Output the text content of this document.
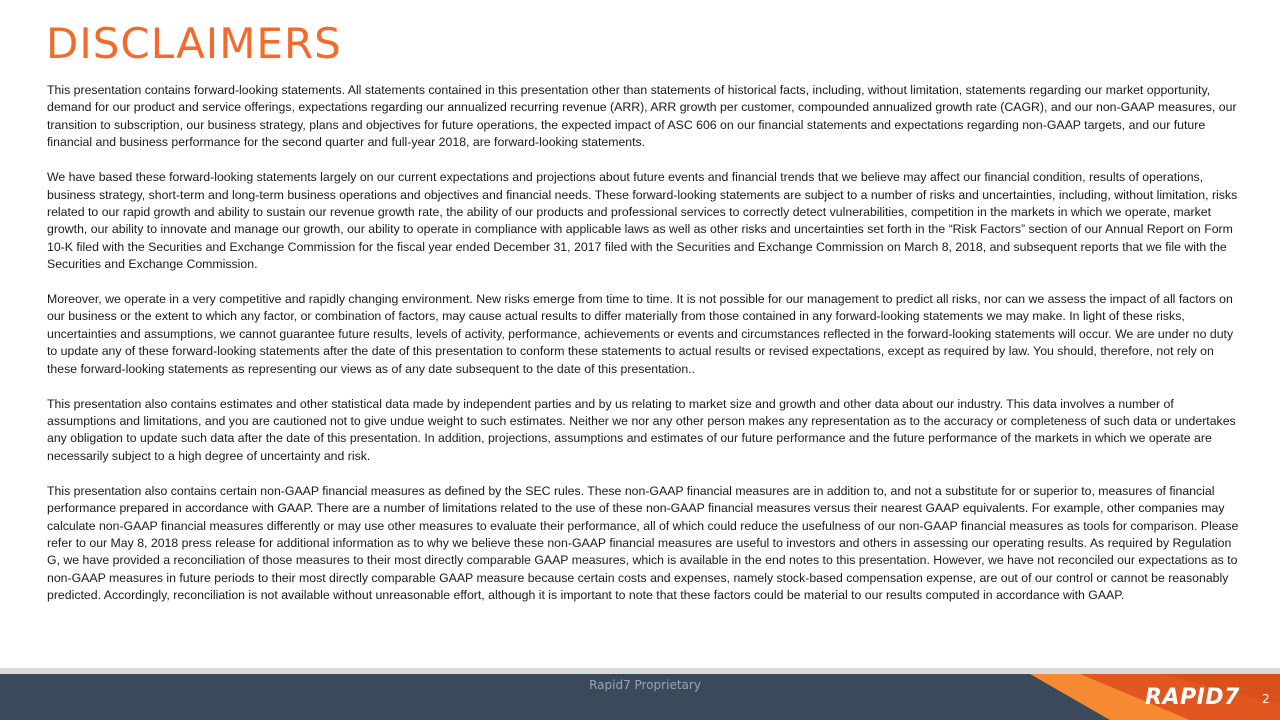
DISCLAIMERS

This presentation contains forward-looking statements. All statements contained in this presentation other than statements of historical facts, including, without limitation, statements regarding our market opportunity, demand for our product and service offerings, expectations regarding our annualized recurring revenue (ARR), ARR growth per customer, compounded annualized growth rate (CAGR), and our non-GAAP measures, our transition to subscription, our business strategy, plans and objectives for future operations, the expected impact of ASC 606 on our financial statements and expectations regarding non-GAAP targets, and our future financial and business performance for the second quarter and full-year 2018, are forward-looking statements.

We have based these forward-looking statements largely on our current expectations and projections about future events and financial trends that we believe may affect our financial condition, results of operations, business strategy, short-term and long-term business operations and objectives and financial needs. These forward-looking statements are subject to a number of risks and uncertainties, including, without limitation, risks related to our rapid growth and ability to sustain our revenue growth rate, the ability of our products and professional services to correctly detect vulnerabilities, competition in the markets in which we operate, market growth, our ability to innovate and manage our growth, our ability to operate in compliance with applicable laws as well as other risks and uncertainties set forth in the “Risk Factors” section of our Annual Report on Form 10-K filed with the Securities and Exchange Commission for the fiscal year ended December 31, 2017 filed with the Securities and Exchange Commission on March 8, 2018, and subsequent reports that we file with the Securities and Exchange Commission.

Moreover, we operate in a very competitive and rapidly changing environment. New risks emerge from time to time. It is not possible for our management to predict all risks, nor can we assess the impact of all factors on our business or the extent to which any factor, or combination of factors, may cause actual results to differ materially from those contained in any forward-looking statements we may make. In light of these risks, uncertainties and assumptions, we cannot guarantee future results, levels of activity, performance, achievements or events and circumstances reflected in the forward-looking statements will occur. We are under no duty to update any of these forward-looking statements after the date of this presentation to conform these statements to actual results or revised expectations, except as required by law. You should, therefore, not rely on these forward-looking statements as representing our views as of any date subsequent to the date of this presentation..

This presentation also contains estimates and other statistical data made by independent parties and by us relating to market size and growth and other data about our industry. This data involves a number of assumptions and limitations, and you are cautioned not to give undue weight to such estimates. Neither we nor any other person makes any representation as to the accuracy or completeness of such data or undertakes any obligation to update such data after the date of this presentation. In addition, projections, assumptions and estimates of our future performance and the future performance of the markets in which we operate are necessarily subject to a high degree of uncertainty and risk.

This presentation also contains certain non-GAAP financial measures as defined by the SEC rules. These non-GAAP financial measures are in addition to, and not a substitute for or superior to, measures of financial performance prepared in accordance with GAAP. There are a number of limitations related to the use of these non-GAAP financial measures versus their nearest GAAP equivalents. For example, other companies may calculate non-GAAP financial measures differently or may use other measures to evaluate their performance, all of which could reduce the usefulness of our non-GAAP financial measures as tools for comparison. Please refer to our May 8, 2018 press release for additional information as to why we believe these non-GAAP financial measures are useful to investors and others in assessing our operating results. As required by Regulation G, we have provided a reconciliation of those measures to their most directly comparable GAAP measures, which is available in the end notes to this presentation. However, we have not reconciled our expectations as to non-GAAP measures in future periods to their most directly comparable GAAP measure because certain costs and expenses, namely stock-based compensation expense, are out of our control or cannot be reasonably predicted. Accordingly, reconciliation is not available without unreasonable effort, although it is important to note that these factors could be material to our results computed in accordance with GAAP.

Rapid7 Proprietary	RAPID7 2
